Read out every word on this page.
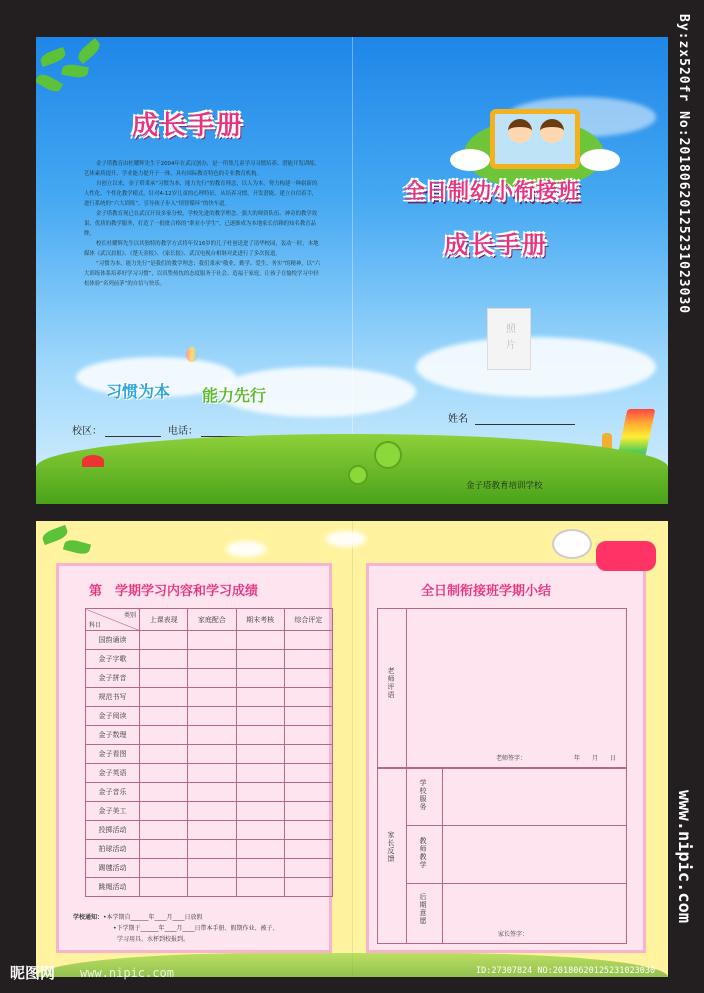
成长手册

金子塔教育由杜耀辉先生于2004年在武汉创办，是一所集儿童学习习惯培养、潜能开发训练、艺体素质提升、学业能力提升于一体，具有国际教育特色的专业教育机构。

自创立以来，金子塔秉承“习惯为本、能力先行”的教育理念，以人为本，努力构建一种崭新的人性化、个性化教学模式，针对4-12岁儿童的心理特征，从培养习惯、开发潜能、建立自信着手，进行系统的“六大训练”，引导孩子步入“情智循环”的快车道。

金子塔教育现已在武汉开设多家分校，学校先进的教学理念、强大的师资队伍、神奇的教学效果、优质的教学服务，打造了一批批合格的“职业小学生”，已逐渐成为本地家长信赖的知名教育品牌。

校长杜耀辉先生以其独特的教学方式将年仅16岁的儿子杜创送进了清华校园，轰动一时，本地媒体《武汉晨报》、《楚天金报》、《家长报》、武汉电视台相继对此进行了多次报道。

“习惯为本、能力先行”是我们的教学理念；我们秉承“敬业、勤学、爱生、务实”的精神，以“六大训练体系培养好学习习惯”，以真挚热忱的态度服务于社会、造福于家庭，让孩子在愉悦学习中轻松体验“名列前茅”的自信与快乐。

习惯为本 能力先行
校区：	电话：
全日制幼小衔接班
成长手册
照片
姓名
金子塔教育培训学校
第　学期学习内容和学习成绩
类别
科目	上课表现	家庭配合	期末考核	综合评定
国韵诵读				
金子字歌				
金子拼音				
规范书写				
金子阅读				
金子数理				
金子看图				
金子英语				
金子音乐				
金子美工				
投掷活动				
拍球活动				
踢毽活动				
跳绳活动				
学校通知：•本学期自______年____月____日放假
•下学期于______年____月____日带本手册、假期作业、被子、
学习用具、水杯到校报到。
全日制衔接班学期小结
老师评语
老师签字：	年　　月　　日
家长反馈
学校服务
教师教学
后期意愿
家长签字：
By:zx520fr No:20180620125231023030
www.nipic.com
昵图网 www.nipic.com	ID:27307824 NO:20180620125231023030
